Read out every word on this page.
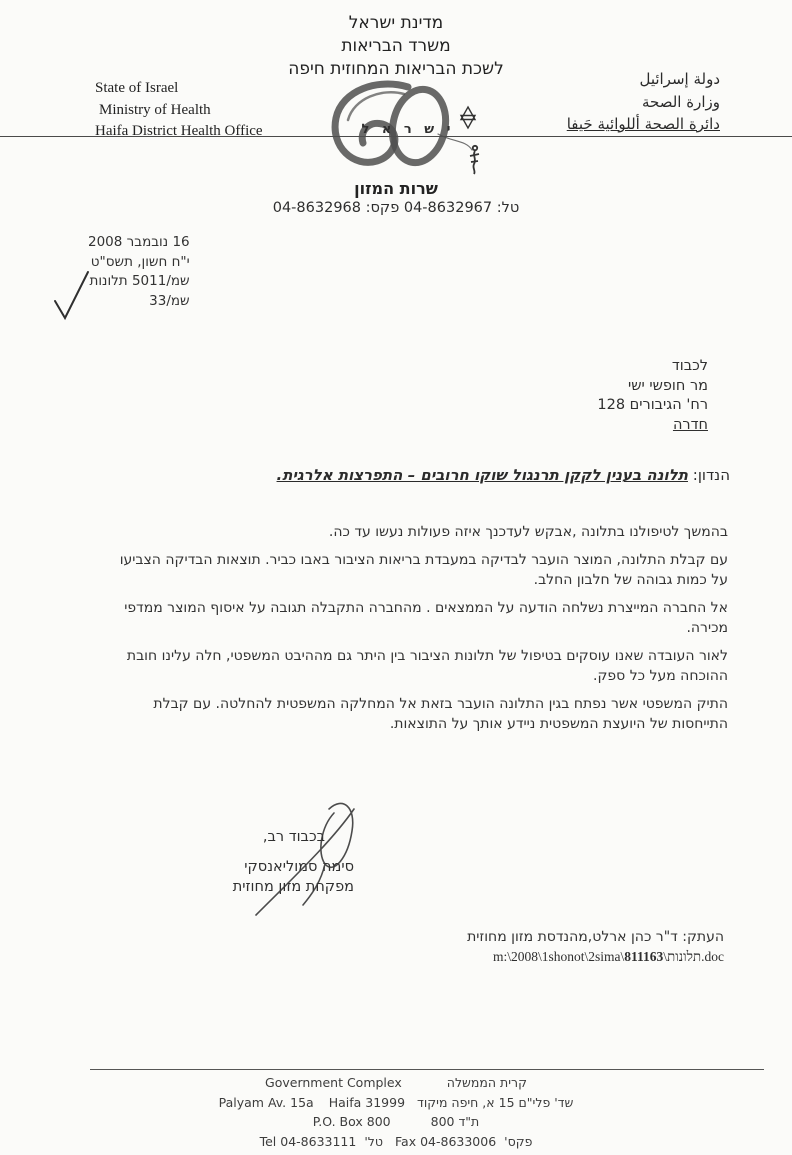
מדינת ישראל
משרד הבריאות
לשכת הבריאות המחוזית חיפה
State of Israel
Ministry of Health
Haifa District Health Office
دولة إسرائيل
وزارة الصحة
دائرة الصحة أللوائية حَيفا
י ש ר א ל
שרות המזון
טל: 04-8632967 פקס: 04-8632968
16 נובמבר 2008
י"ח חשון, תשס"ט
שמ/5011 תלונות
שמ/33
לכבוד
מר חופשי ישי
רח' הגיבורים 128
חדרה
הנדון: תלונה בענין לקקן תרנגול שוקו חרובים – התפרצות אלרגית.

בהמשך לטיפולנו בתלונה ,אבקש לעדכנך איזה פעולות נעשו עד כה.

עם קבלת התלונה, המוצר הועבר לבדיקה במעבדת בריאות הציבור באבו כביר. תוצאות הבדיקה הצביעו
על כמות גבוהה של חלבון החלב.

אל החברה המייצרת נשלחה הודעה על הממצאים . מהחברה התקבלה תגובה על איסוף המוצר ממדפי
מכירה.

לאור העובדה שאנו עוסקים בטיפול של תלונות הציבור בין היתר גם מההיבט המשפטי, חלה עלינו חובת
ההוכחה מעל כל ספק.

התיק המשפטי אשר נפתח בגין התלונה הועבר בזאת אל המחלקה המשפטית להחלטה. עם קבלת
התייחסות של היועצת המשפטית ניידע אותך על התוצאות.

בכבוד רב,
סימה סמוליאנסקי
מפקחת מזון מחוזית
העתק: ד"ר כהן ארלט,מהנדסת מזון מחוזית
m:\2008\1shonot\2sima\811163\תלונות.doc
Government Complex	קרית הממשלה
Palyam Av. 15a Haifa 31999 שד' פלי"ם 15 א, חיפה מיקוד
P.O. Box 800	ת"ד 800
Tel 04-8633111 טל' Fax 04-8633006 פקס'
